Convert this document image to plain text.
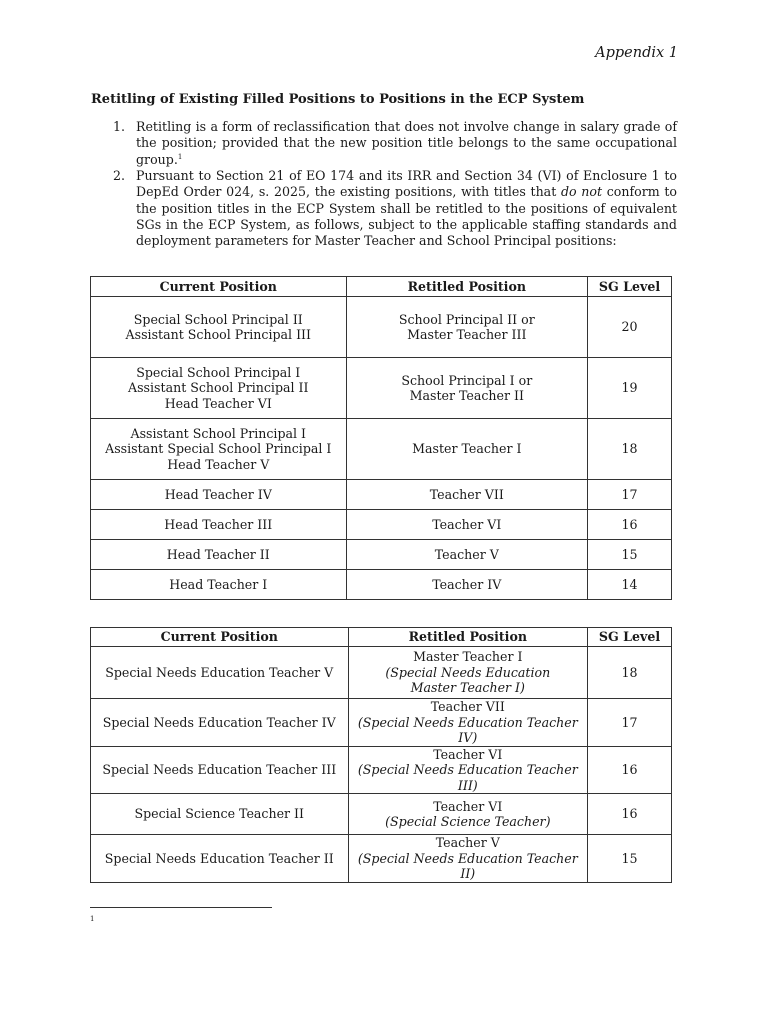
Appendix 1
Retitling of Existing Filled Positions to Positions in the ECP System
1. Retitling is a form of reclassification that does not involve change in salary grade of the position; provided that the new position title belongs to the same occupational group.$^1$
2. Pursuant to Section 21 of EO 174 and its IRR and Section 34 (VI) of Enclosure 1 to DepEd Order 024, s. 2025, the existing positions, with titles that do not conform to the position titles in the ECP System shall be retitled to the positions of equivalent SGs in the ECP System, as follows, subject to the applicable staffing standards and deployment parameters for Master Teacher and School Principal positions:
Current Position	Retitled Position	SG Level

Special School Principal II
Assistant School Principal III	School Principal II or
Master Teacher III	20

Special School Principal I
Assistant School Principal II
Head Teacher VI	School Principal I or
Master Teacher II	19

Assistant School Principal I
Assistant Special School Principal I
Head Teacher V	Master Teacher I	18

Head Teacher IV	Teacher VII	17

Head Teacher III	Teacher VI	16

Head Teacher II	Teacher V	15

Head Teacher I	Teacher IV	14
Current Position	Retitled Position	SG Level
Special Needs Education Teacher V	Master Teacher I
(Special Needs Education
Master Teacher I)	18
Special Needs Education Teacher IV	Teacher VII
(Special Needs Education Teacher IV)	17
Special Needs Education Teacher III	Teacher VI
(Special Needs Education Teacher III)	16
Special Science Teacher II	Teacher VI
(Special Science Teacher)	16
Special Needs Education Teacher II	Teacher V
(Special Needs Education Teacher II)	15
1
